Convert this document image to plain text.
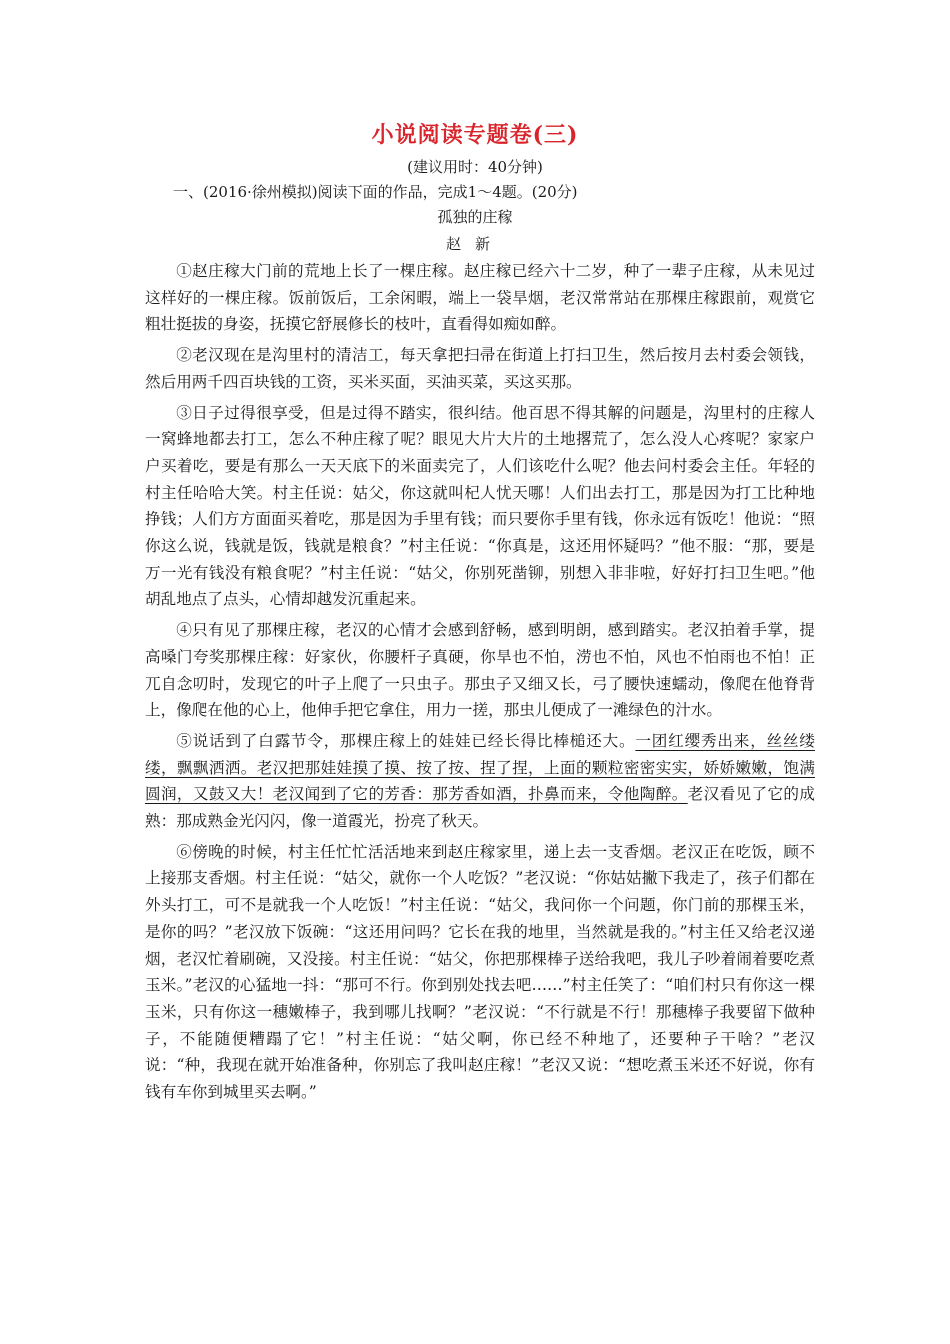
小说阅读专题卷(三)
(建议用时：40分钟)
一、(2016·徐州模拟)阅读下面的作品，完成1～4题。(20分)
孤独的庄稼
赵新

①赵庄稼大门前的荒地上长了一棵庄稼。赵庄稼已经六十二岁，种了一辈子庄稼，从未见过这样好的一棵庄稼。饭前饭后，工余闲暇，端上一袋旱烟，老汉常常站在那棵庄稼跟前，观赏它粗壮挺拔的身姿，抚摸它舒展修长的枝叶，直看得如痴如醉。

②老汉现在是沟里村的清洁工，每天拿把扫帚在街道上打扫卫生，然后按月去村委会领钱，然后用两千四百块钱的工资，买米买面，买油买菜，买这买那。

③日子过得很享受，但是过得不踏实，很纠结。他百思不得其解的问题是，沟里村的庄稼人一窝蜂地都去打工，怎么不种庄稼了呢？眼见大片大片的土地撂荒了，怎么没人心疼呢？家家户户买着吃，要是有那么一天天底下的米面卖完了，人们该吃什么呢？他去问村委会主任。年轻的村主任哈哈大笑。村主任说：姑父，你这就叫杞人忧天哪！人们出去打工，那是因为打工比种地挣钱；人们方方面面买着吃，那是因为手里有钱；而只要你手里有钱，你永远有饭吃！他说：“照你这么说，钱就是饭，钱就是粮食？”村主任说：“你真是，这还用怀疑吗？”他不服：“那，要是万一光有钱没有粮食呢？”村主任说：“姑父，你别死凿铆，别想入非非啦，好好打扫卫生吧。”他胡乱地点了点头，心情却越发沉重起来。

④只有见了那棵庄稼，老汉的心情才会感到舒畅，感到明朗，感到踏实。老汉拍着手掌，提高嗓门夸奖那棵庄稼：好家伙，你腰杆子真硬，你旱也不怕，涝也不怕，风也不怕雨也不怕！正兀自念叨时，发现它的叶子上爬了一只虫子。那虫子又细又长，弓了腰快速蠕动，像爬在他脊背上，像爬在他的心上，他伸手把它拿住，用力一搓，那虫儿便成了一滩绿色的汁水。

⑤说话到了白露节令，那棵庄稼上的娃娃已经长得比棒槌还大。一团红缨秀出来，丝丝缕缕，飘飘洒洒。老汉把那娃娃摸了摸、按了按、捏了捏，上面的颗粒密密实实，娇娇嫩嫩，饱满圆润，又鼓又大！老汉闻到了它的芳香：那芳香如酒，扑鼻而来，令他陶醉。老汉看见了它的成熟：那成熟金光闪闪，像一道霞光，扮亮了秋天。

⑥傍晚的时候，村主任忙忙活活地来到赵庄稼家里，递上去一支香烟。老汉正在吃饭，顾不上接那支香烟。村主任说：“姑父，就你一个人吃饭？”老汉说：“你姑姑撇下我走了，孩子们都在外头打工，可不是就我一个人吃饭！”村主任说：“姑父，我问你一个问题，你门前的那棵玉米，是你的吗？”老汉放下饭碗：“这还用问吗？它长在我的地里，当然就是我的。”村主任又给老汉递烟，老汉忙着刷碗，又没接。村主任说：“姑父，你把那棵棒子送给我吧，我儿子吵着闹着要吃煮玉米。”老汉的心猛地一抖：“那可不行。你到别处找去吧……”村主任笑了：“咱们村只有你这一棵玉米，只有你这一穗嫩棒子，我到哪儿找啊？”老汉说：“不行就是不行！那穗棒子我要留下做种子，不能随便糟蹋了它！”村主任说：“姑父啊，你已经不种地了，还要种子干啥？”老汉说：“种，我现在就开始准备种，你别忘了我叫赵庄稼！”老汉又说：“想吃煮玉米还不好说，你有钱有车你到城里买去啊。”
